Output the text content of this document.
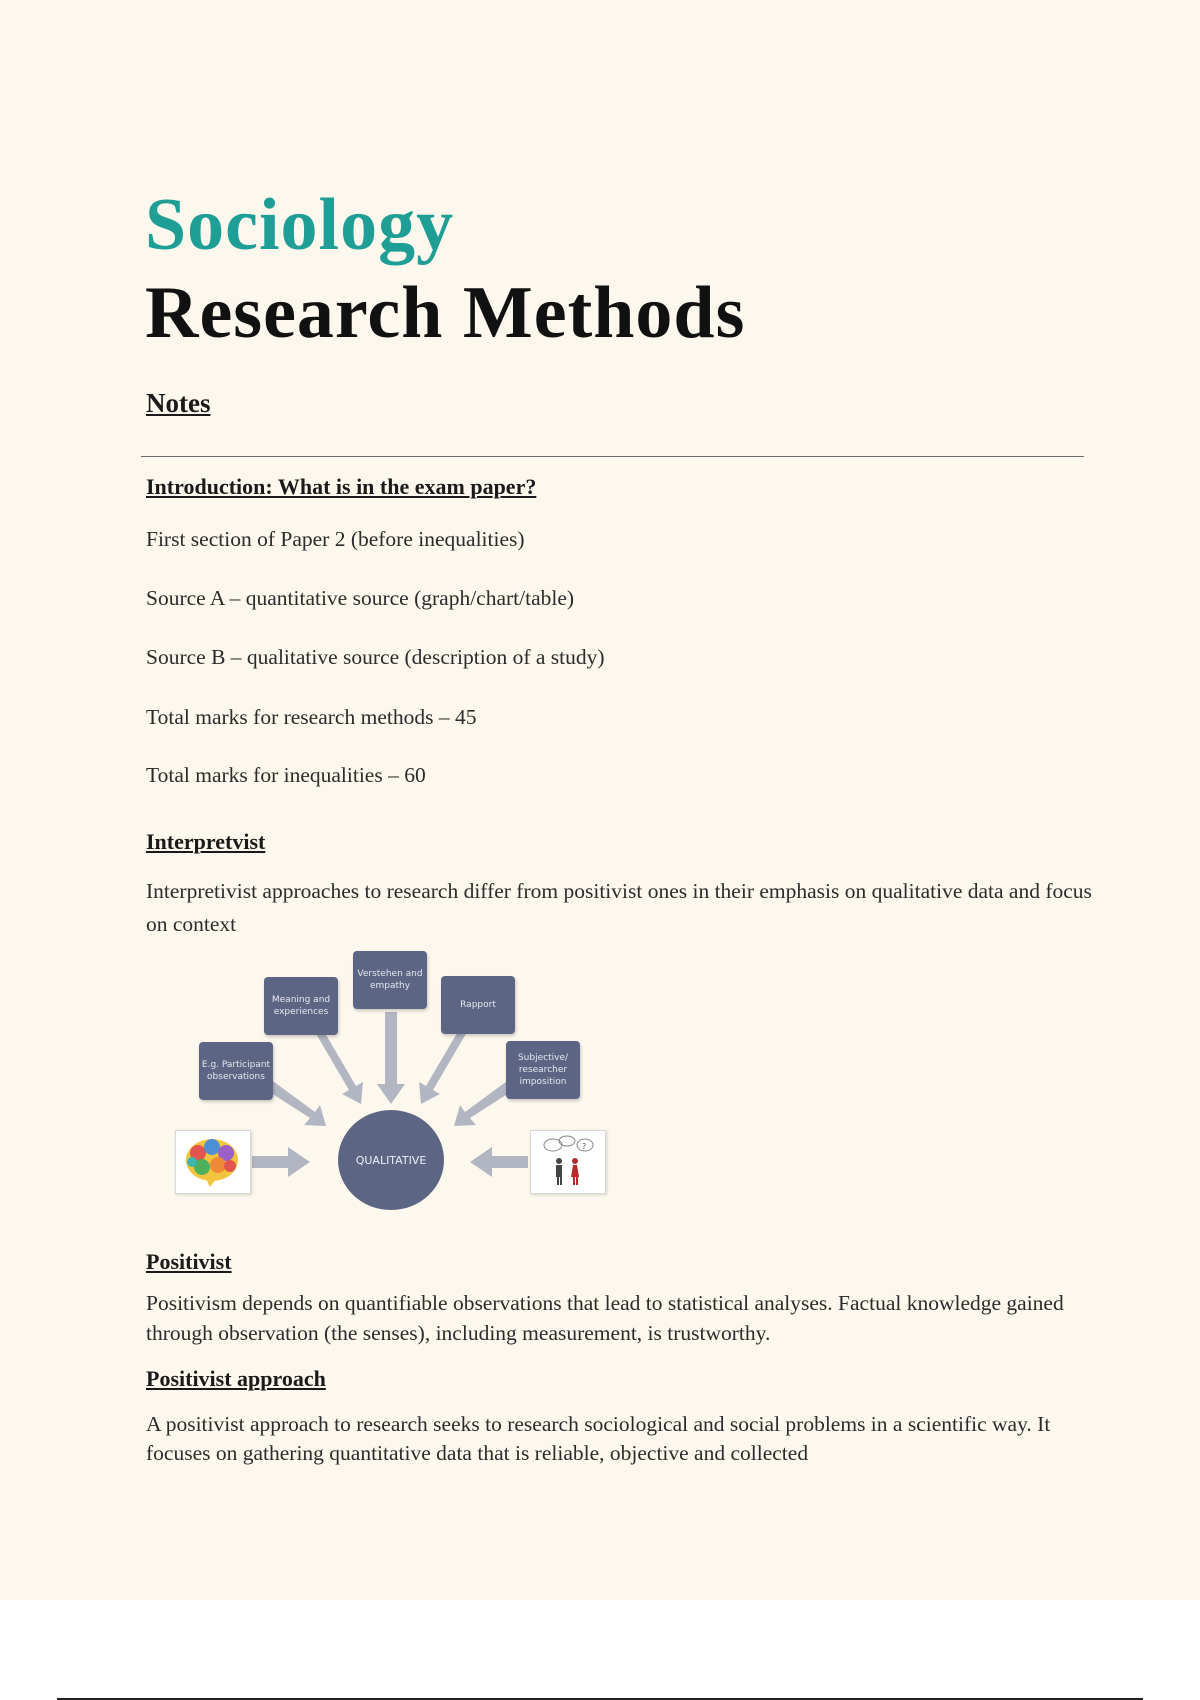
Sociology
Research Methods
Notes
Introduction: What is in the exam paper?
First section of Paper 2 (before inequalities)
Source A – quantitative source (graph/chart/table)
Source B – qualitative source (description of a study)
Total marks for research methods – 45
Total marks for inequalities – 60
Interpretvist
Interpretivist approaches to research differ from positivist ones in their emphasis on qualitative data and focus on context
E.g. Participant observations
Meaning and experiences
Verstehen and empathy
Rapport
Subjective/ researcher imposition
QUALITATIVE
?
Positivist
Positivism depends on quantifiable observations that lead to statistical analyses. Factual knowledge gained through observation (the senses), including measurement, is trustworthy.
Positivist approach
A positivist approach to research seeks to research sociological and social problems in a scientific way. It focuses on gathering quantitative data that is reliable, objective and collected
